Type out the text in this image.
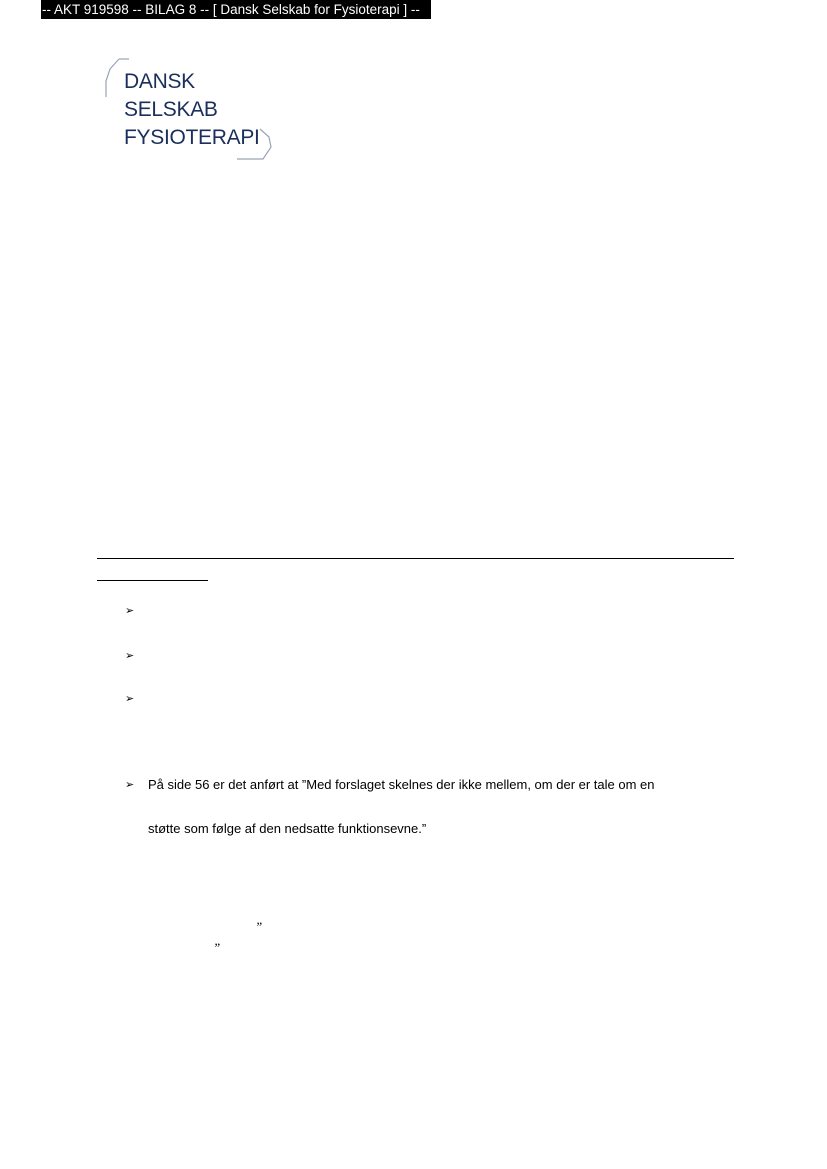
-- AKT 919598 -- BILAG 8 -- [ Dansk Selskab for Fysioterapi ] --
DANSK
SELSKAB
FYSIOTERAPI
➢
➢
➢
➢ På side 56 er det anført at ”Med forslaget skelnes der ikke mellem, om der er tale om en
støtte som følge af den nedsatte funktionsevne.”
”
”
